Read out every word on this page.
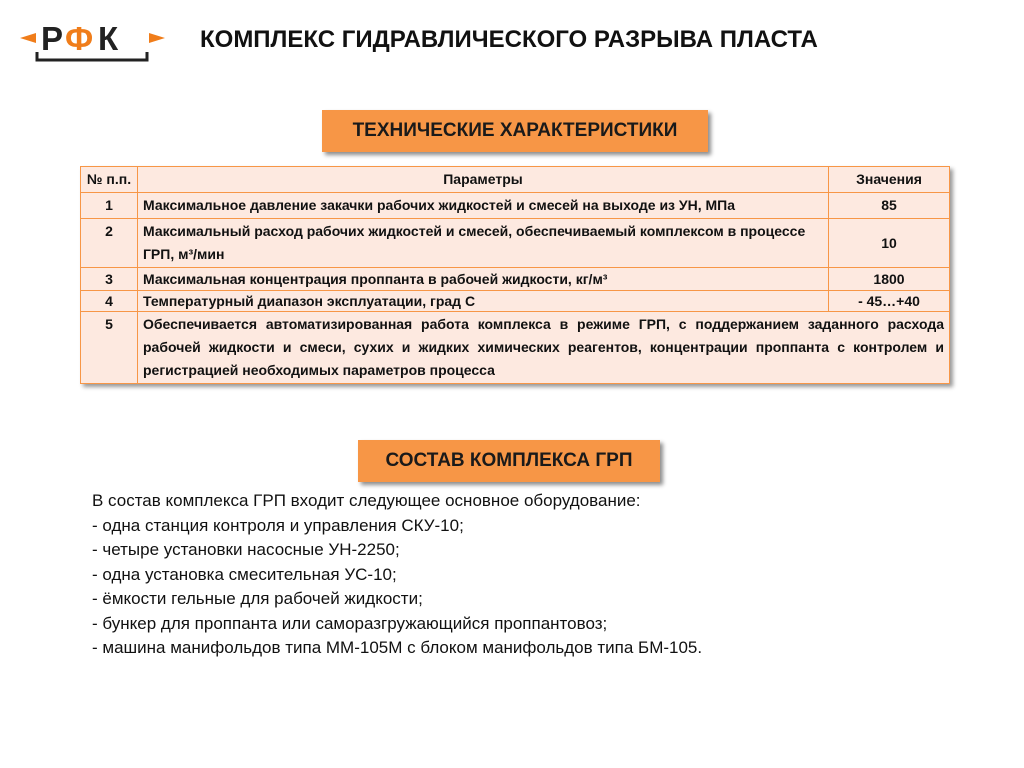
Р Ф К	КОМПЛЕКС ГИДРАВЛИЧЕСКОГО РАЗРЫВА ПЛАСТА
ТЕХНИЧЕСКИЕ ХАРАКТЕРИСТИКИ
№ п.п.	Параметры	Значения
1	Максимальное давление закачки рабочих жидкостей и смесей на выходе из УН, МПа	85
2	Максимальный расход рабочих жидкостей и смесей, обеспечиваемый комплексом в процессе ГРП, м³/мин	10
3	Максимальная концентрация проппанта в рабочей жидкости, кг/м³	1800
4	Температурный диапазон эксплуатации, град С	- 45…+40
5	Обеспечивается автоматизированная работа комплекса в режиме ГРП, с поддержанием заданного расхода рабочей жидкости и смеси, сухих и жидких химических реагентов, концентрации проппанта с контролем и регистрацией необходимых параметров процесса	
СОСТАВ КОМПЛЕКСА ГРП
В состав комплекса ГРП входит следующее основное оборудование:
- одна станция контроля и управления СКУ-10;
- четыре установки насосные УН-2250;
- одна установка смесительная УС-10;
- ёмкости гельные для рабочей жидкости;
- бункер для проппанта или саморазгружающийся проппантовоз;
- машина манифольдов типа ММ-105М с блоком манифольдов типа БМ-105.
